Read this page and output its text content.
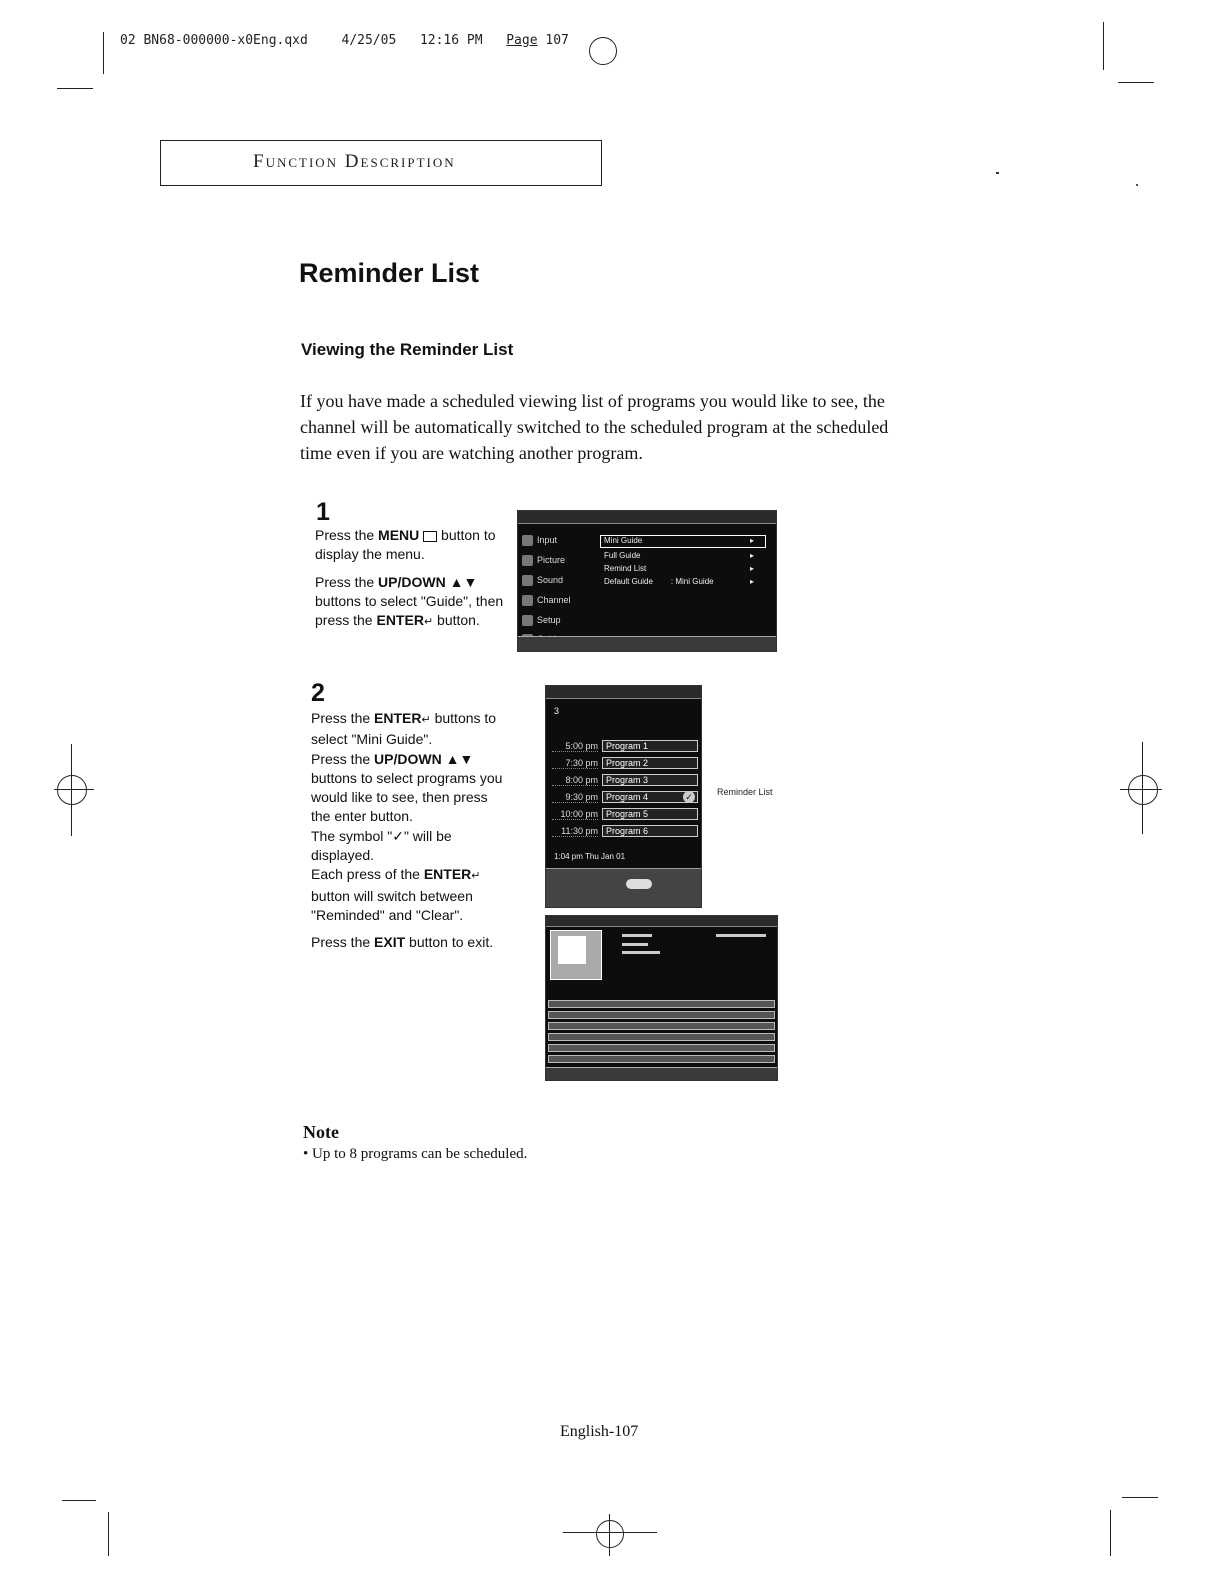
02 BN68-000000-x0Eng.qxd	4/25/05 12:16 PM Page 107
Function Description
Reminder List
Viewing the Reminder List
If you have made a scheduled viewing list of programs you would like to see, the channel will be automatically switched to the scheduled program at the scheduled time even if you are watching another program.
1

Press the MENU  button to display the menu.

Press the UP/DOWN ▲▼ buttons to select "Guide", then press the ENTER↵ button.

Input
Picture
Sound
Channel
Setup
Mini Guide
Full Guide
Remind List
Default Guide : Mini Guide
▸
▸
▸
▸
2

Press the ENTER↵ buttons to select "Mini Guide".

Press the UP/DOWN ▲▼ buttons to select programs you would like to see, then press the enter button.

The symbol "✓" will be displayed.

Each press of the ENTER↵ button will switch between "Reminded" and "Clear".

Press the EXIT button to exit.

3
5:00 pm Program 1
7:30 pm Program 2
8:00 pm Program 3
9:30 pm Program 4	✓
10:00 pm Program 5
11:30 pm Program 6
1:04 pm Thu Jan 01
Reminder List
Note
• Up to 8 programs can be scheduled.
English-107
